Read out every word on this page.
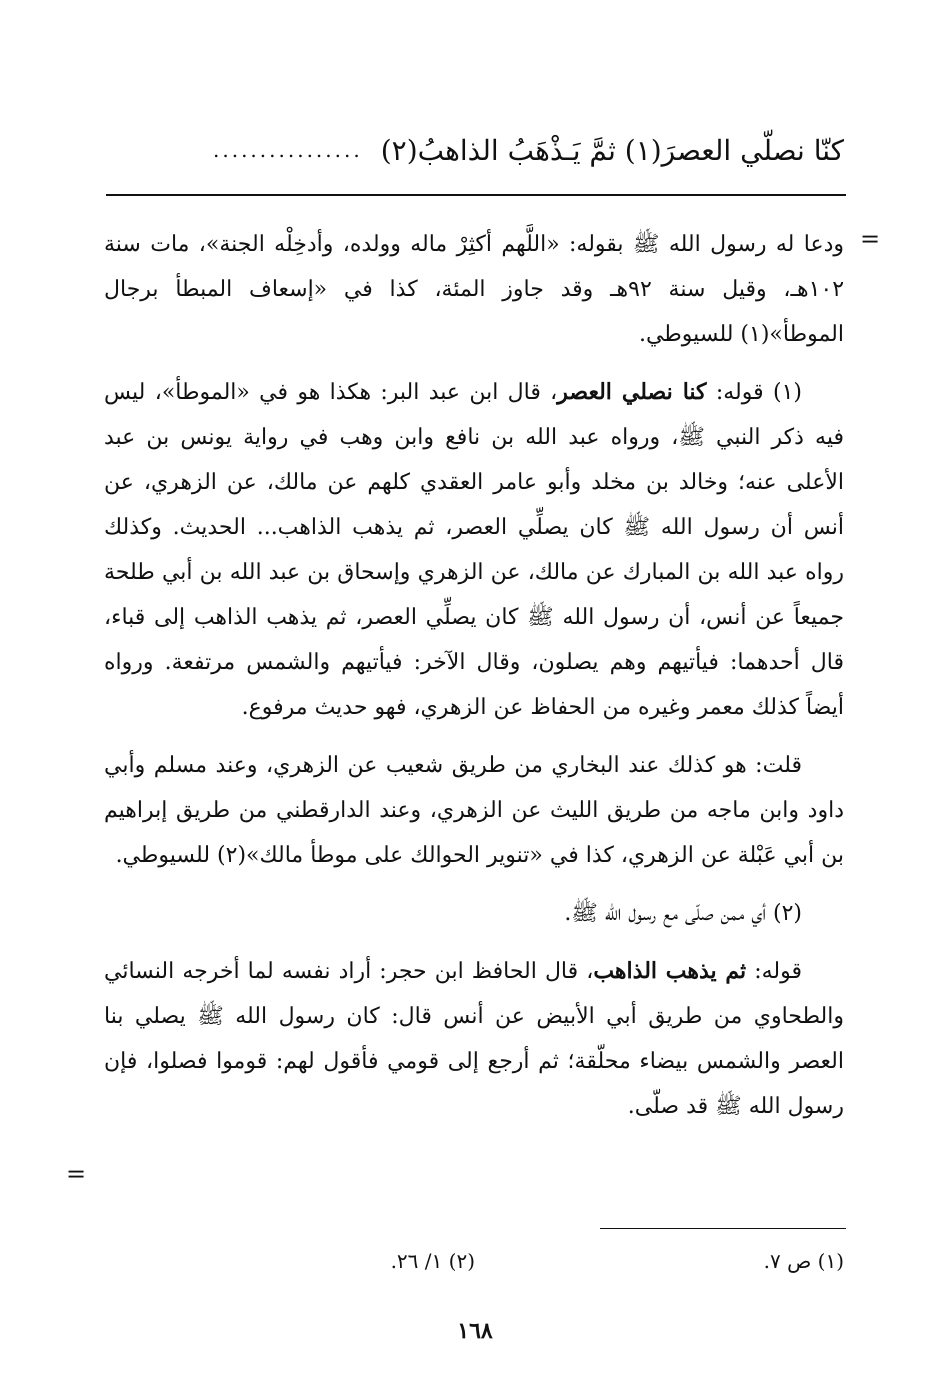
كنّا نصلّي العصرَ(١) ثمَّ يَـذْهَبُ الذاهبُ(٢)
................
=

ودعا له رسول الله ﷺ بقوله: «اللَّهم أكثِرْ ماله وولده، وأدخِلْه الجنة»، مات سنة ١٠٢هـ، وقيل سنة ٩٢هـ وقد جاوز المئة، كذا في «إسعاف المبطأ برجال الموطأ»(١) للسيوطي.

(١) قوله: كنا نصلي العصر، قال ابن عبد البر: هكذا هو في «الموطأ»، ليس فيه ذكر النبي ﷺ، ورواه عبد الله بن نافع وابن وهب في رواية يونس بن عبد الأعلى عنه؛ وخالد بن مخلد وأبو عامر العقدي كلهم عن مالك، عن الزهري، عن أنس أن رسول الله ﷺ كان يصلِّي العصر، ثم يذهب الذاهب... الحديث. وكذلك رواه عبد الله بن المبارك عن مالك، عن الزهري وإسحاق بن عبد الله بن أبي طلحة جميعاً عن أنس، أن رسول الله ﷺ كان يصلِّي العصر، ثم يذهب الذاهب إلى قباء، قال أحدهما: فيأتيهم وهم يصلون، وقال الآخر: فيأتيهم والشمس مرتفعة. ورواه أيضاً كذلك معمر وغيره من الحفاظ عن الزهري، فهو حديث مرفوع.

قلت: هو كذلك عند البخاري من طريق شعيب عن الزهري، وعند مسلم وأبي داود وابن ماجه من طريق الليث عن الزهري، وعند الدارقطني من طريق إبراهيم بن أبي عَبْلة عن الزهري، كذا في «تنوير الحوالك على موطأ مالك»(٢) للسيوطي.

(٢) أي ممن صلّى مع رسول الله ﷺ.

قوله: ثم يذهب الذاهب، قال الحافظ ابن حجر: أراد نفسه لما أخرجه النسائي والطحاوي من طريق أبي الأبيض عن أنس قال: كان رسول الله ﷺ يصلي بنا العصر والشمس بيضاء محلّقة؛ ثم أرجع إلى قومي فأقول لهم: قوموا فصلوا، فإن رسول الله ﷺ قد صلّى.

=
(١) ص ٧.
(٢) ١/ ٢٦.
١٦٨
